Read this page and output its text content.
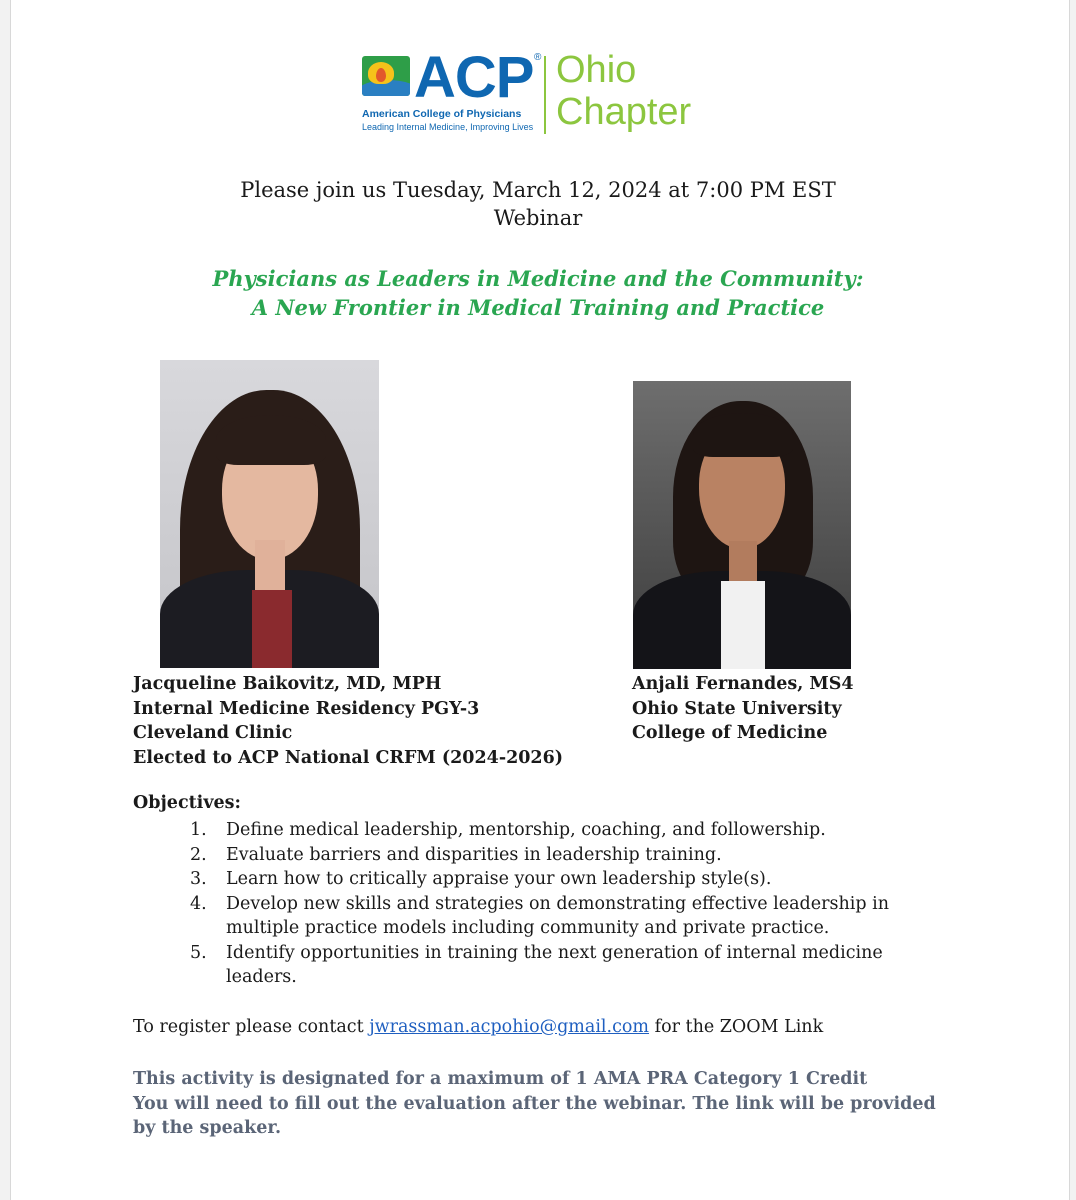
ACP ®
American College of Physicians
Leading Internal Medicine, Improving Lives
Ohio
Chapter
Please join us Tuesday, March 12, 2024 at 7:00 PM EST
Webinar
Physicians as Leaders in Medicine and the Community:
A New Frontier in Medical Training and Practice
Jacqueline Baikovitz, MD, MPH
Internal Medicine Residency PGY-3
Cleveland Clinic
Elected to ACP National CRFM (2024-2026)
Anjali Fernandes, MS4
Ohio State University
College of Medicine
Objectives:
1. Define medical leadership, mentorship, coaching, and followership.
2. Evaluate barriers and disparities in leadership training.
3. Learn how to critically appraise your own leadership style(s).
4. Develop new skills and strategies on demonstrating effective leadership in multiple practice models including community and private practice.
5. Identify opportunities in training the next generation of internal medicine leaders.
To register please contact jwrassman.acpohio@gmail.com for the ZOOM Link
This activity is designated for a maximum of 1 AMA PRA Category 1 Credit
You will need to fill out the evaluation after the webinar. The link will be provided by the speaker.
